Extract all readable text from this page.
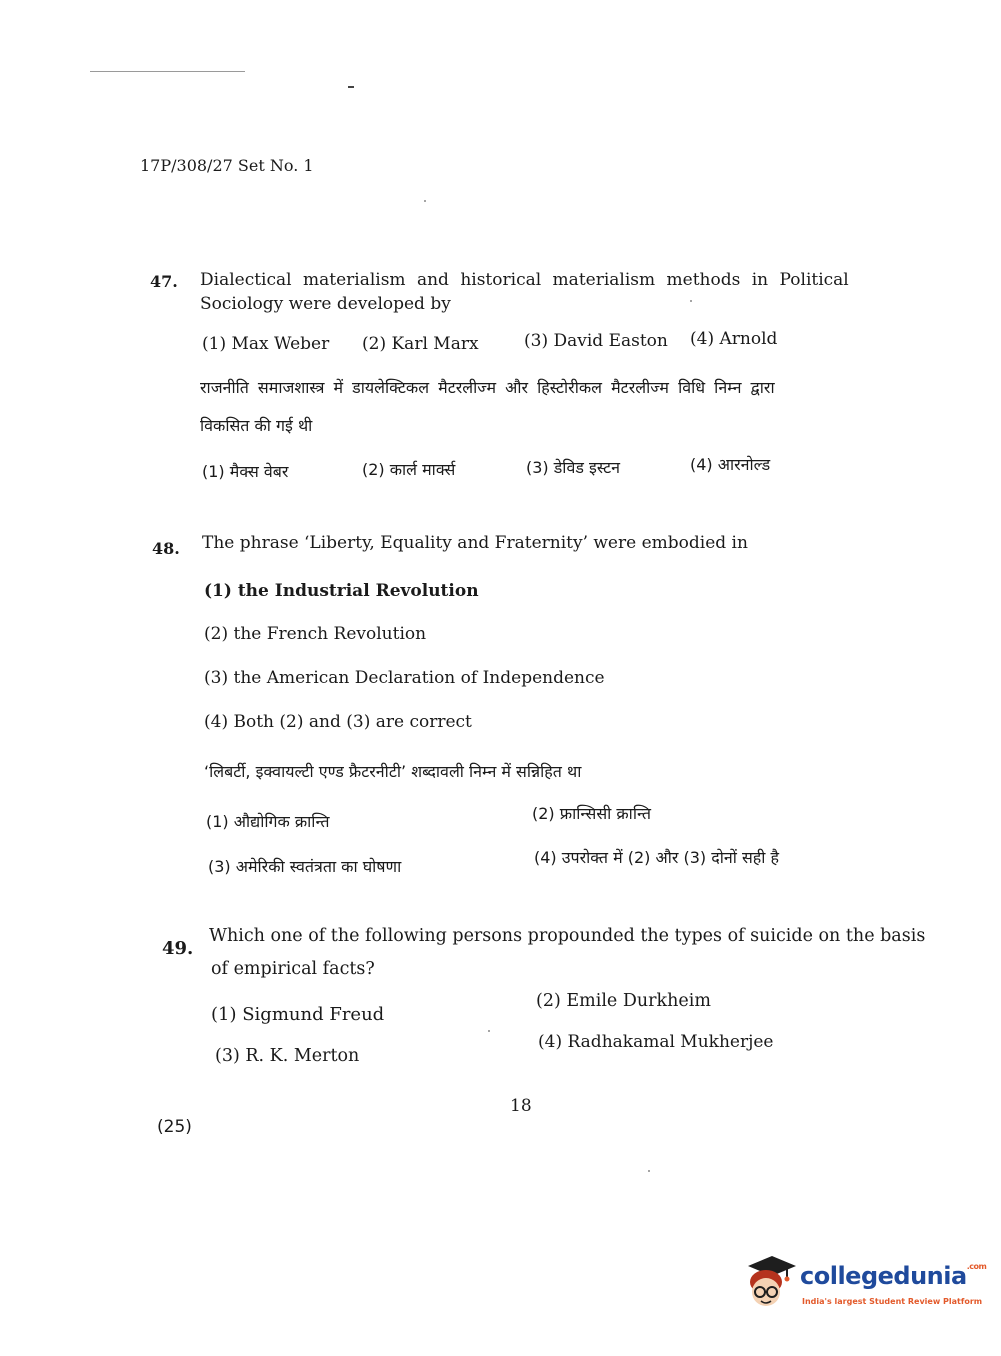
17P/308/27 Set No. 1
47. Dialectical materialism and historical materialism methods in Political
Sociology were developed by
(1) Max Weber (2) Karl Marx	(3) David Easton (4) Arnold
राजनीति समाजशास्त्र में डायलेक्टिकल मैटरलीज्म और हिस्टोरीकल मैटरलीज्म विधि निम्न द्वारा
विकसित की गई थी
(1) मैक्स वेबर	(2) कार्ल मार्क्स	(3) डेविड इस्टन	(4) आरनोल्ड
48. The phrase ‘Liberty, Equality and Fraternity’ were embodied in
(1) the Industrial Revolution
(2) the French Revolution
(3) the American Declaration of Independence
(4) Both (2) and (3) are correct
‘लिबर्टी, इक्वायल्टी एण्ड फ्रैटरनीटी’ शब्दावली निम्न में सन्निहित था
(1) औद्योगिक क्रान्ति	(2) फ्रान्सिसी क्रान्ति
(3) अमेरिकी स्वतंत्रता का घोषणा	(4) उपरोक्त में (2) और (3) दोनों सही है
49.
Which one of the following persons propounded the types of suicide on the basis
of empirical facts?
(1) Sigmund Freud
(2) Emile Durkheim
(3) R. K. Merton
(4) Radhakamal Mukherjee
18
(25)
collegedunia$^{.com}$
India's largest Student Review Platform
